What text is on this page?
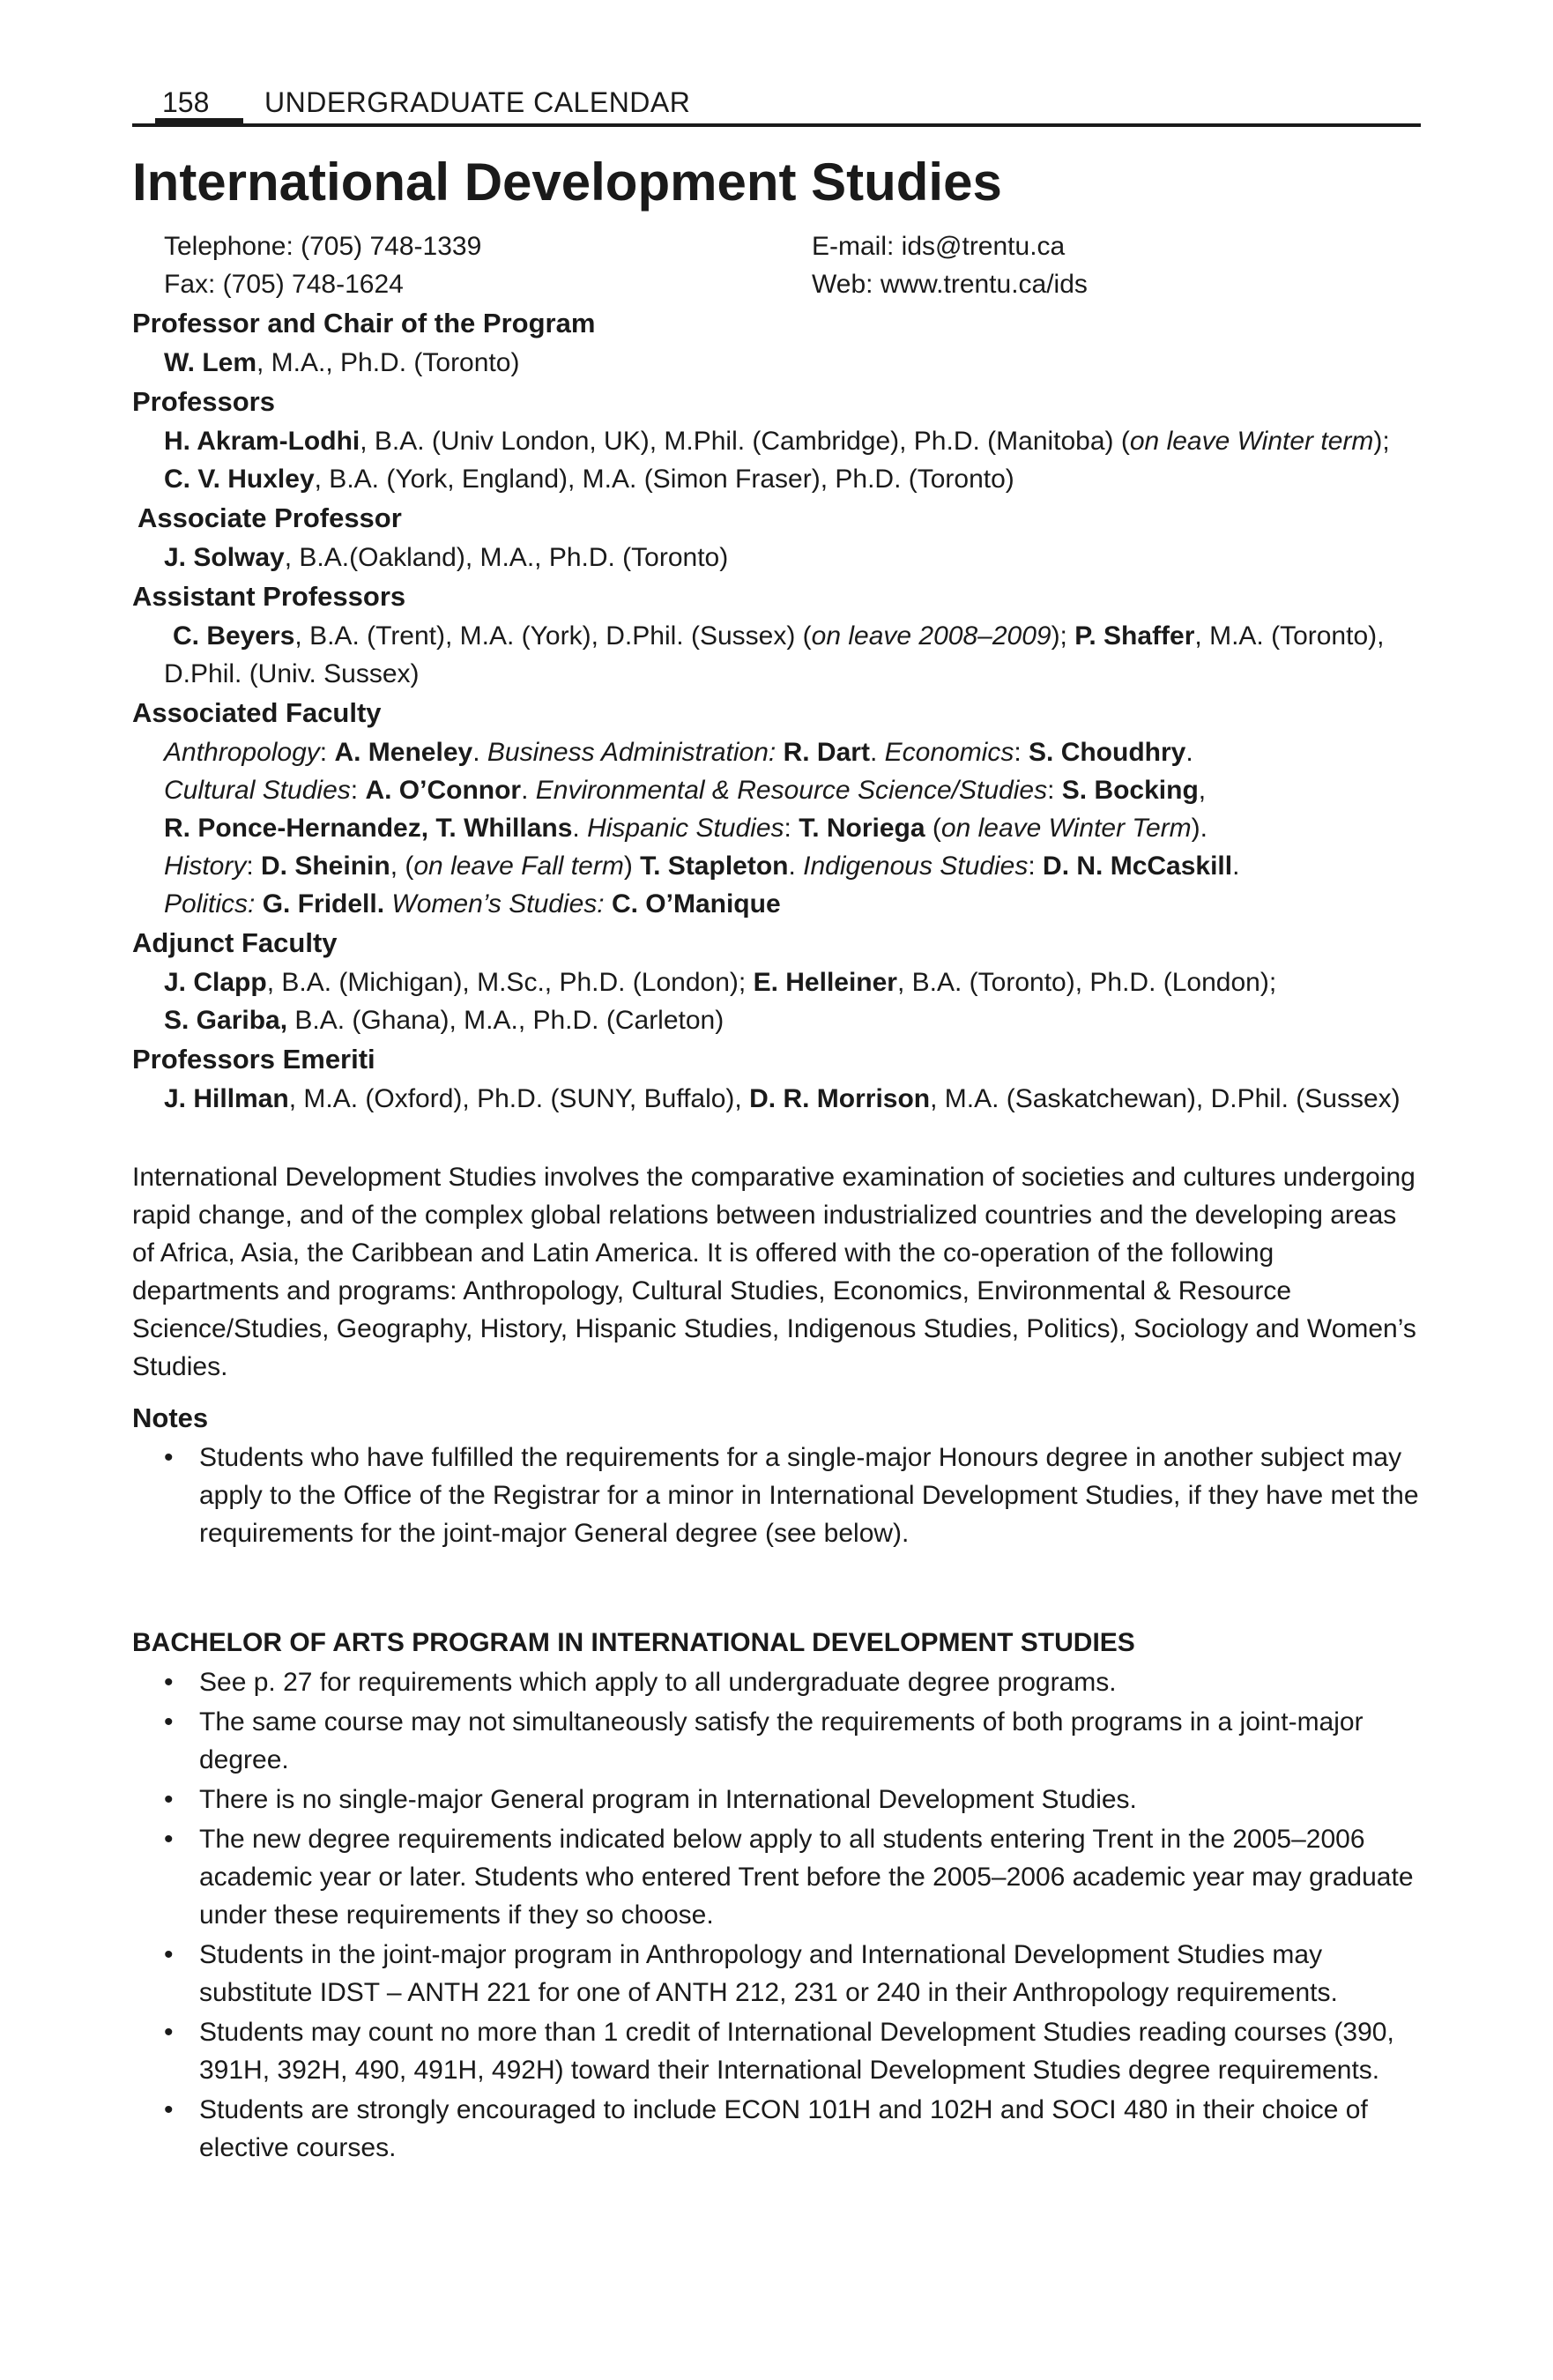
158 UNDERGRADUATE CALENDAR
International Development Studies
Telephone: (705) 748-1339
Fax: (705) 748-1624
E-mail: ids@trentu.ca
Web: www.trentu.ca/ids
Professor and Chair of the Program
W. Lem, M.A., Ph.D. (Toronto)
Professors
H. Akram-Lodhi, B.A. (Univ London, UK), M.Phil. (Cambridge), Ph.D. (Manitoba) (on leave Winter term); C. V. Huxley, B.A. (York, England), M.A. (Simon Fraser), Ph.D. (Toronto)
Associate Professor
J. Solway, B.A.(Oakland), M.A., Ph.D. (Toronto)
Assistant Professors
C. Beyers, B.A. (Trent), M.A. (York), D.Phil. (Sussex) (on leave 2008–2009); P. Shaffer, M.A. (Toronto), D.Phil. (Univ. Sussex)
Associated Faculty
Anthropology: A. Meneley. Business Administration: R. Dart. Economics: S. Choudhry.
Cultural Studies: A. O’Connor. Environmental & Resource Science/Studies: S. Bocking,
R. Ponce-Hernandez, T. Whillans. Hispanic Studies: T. Noriega (on leave Winter Term).
History: D. Sheinin, (on leave Fall term) T. Stapleton. Indigenous Studies: D. N. McCaskill.
Politics: G. Fridell. Women’s Studies: C. O’Manique
Adjunct Faculty
J. Clapp, B.A. (Michigan), M.Sc., Ph.D. (London); E. Helleiner, B.A. (Toronto), Ph.D. (London);
S. Gariba, B.A. (Ghana), M.A., Ph.D. (Carleton)
Professors Emeriti
J. Hillman, M.A. (Oxford), Ph.D. (SUNY, Buffalo), D. R. Morrison, M.A. (Saskatchewan), D.Phil. (Sussex)

International Development Studies involves the comparative examination of societies and cultures undergoing rapid change, and of the complex global relations between industrialized countries and the developing areas of Africa, Asia, the Caribbean and Latin America. It is offered with the co-operation of the following departments and programs: Anthropology, Cultural Studies, Economics, Environmental & Resource Science/Studies, Geography, History, Hispanic Studies, Indigenous Studies, Politics), Sociology and Women’s Studies.

Notes
• Students who have fulfilled the requirements for a single-major Honours degree in another subject may apply to the Office of the Registrar for a minor in International Development Studies, if they have met the requirements for the joint-major General degree (see below).
BACHELOR OF ARTS PROGRAM IN INTERNATIONAL DEVELOPMENT STUDIES
• See p. 27 for requirements which apply to all undergraduate degree programs.
• The same course may not simultaneously satisfy the requirements of both programs in a joint-major degree.
• There is no single-major General program in International Development Studies.
• The new degree requirements indicated below apply to all students entering Trent in the 2005–2006 academic year or later. Students who entered Trent before the 2005–2006 academic year may graduate under these requirements if they so choose.
• Students in the joint-major program in Anthropology and International Development Studies may substitute IDST – ANTH 221 for one of ANTH 212, 231 or 240 in their Anthropology requirements.
• Students may count no more than 1 credit of International Development Studies reading courses (390, 391H, 392H, 490, 491H, 492H) toward their International Development Studies degree requirements.
• Students are strongly encouraged to include ECON 101H and 102H and SOCI 480 in their choice of elective courses.
